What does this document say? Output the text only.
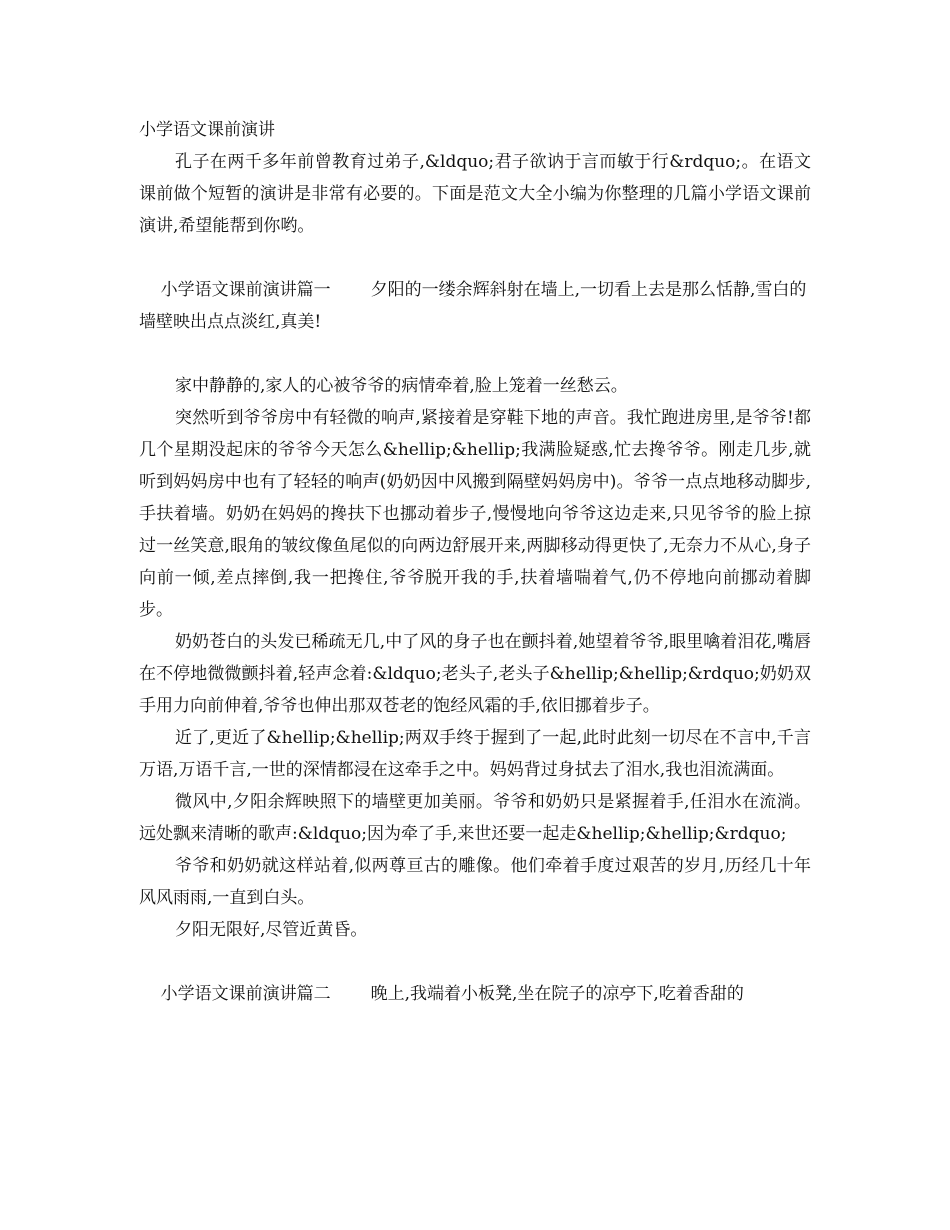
小学语文课前演讲

孔子在两千多年前曾教育过弟子,&ldquo;君子欲讷于言而敏于行&rdquo;。在语文课前做个短暂的演讲是非常有必要的。下面是范文大全小编为你整理的几篇小学语文课前演讲,希望能帮到你哟。

小学语文课前演讲篇一 夕阳的一缕余辉斜射在墙上,一切看上去是那么恬静,雪白的墙壁映出点点淡红,真美!

家中静静的,家人的心被爷爷的病情牵着,脸上笼着一丝愁云。

突然听到爷爷房中有轻微的响声,紧接着是穿鞋下地的声音。我忙跑进房里,是爷爷!都几个星期没起床的爷爷今天怎么&hellip;&hellip;我满脸疑惑,忙去搀爷爷。刚走几步,就听到妈妈房中也有了轻轻的响声(奶奶因中风搬到隔壁妈妈房中)。爷爷一点点地移动脚步,手扶着墙。奶奶在妈妈的搀扶下也挪动着步子,慢慢地向爷爷这边走来,只见爷爷的脸上掠过一丝笑意,眼角的皱纹像鱼尾似的向两边舒展开来,两脚移动得更快了,无奈力不从心,身子向前一倾,差点摔倒,我一把搀住,爷爷脱开我的手,扶着墙喘着气,仍不停地向前挪动着脚步。

奶奶苍白的头发已稀疏无几,中了风的身子也在颤抖着,她望着爷爷,眼里噙着泪花,嘴唇在不停地微微颤抖着,轻声念着:&ldquo;老头子,老头子&hellip;&hellip;&rdquo;奶奶双手用力向前伸着,爷爷也伸出那双苍老的饱经风霜的手,依旧挪着步子。

近了,更近了&hellip;&hellip;两双手终于握到了一起,此时此刻一切尽在不言中,千言万语,万语千言,一世的深情都浸在这牵手之中。妈妈背过身拭去了泪水,我也泪流满面。

微风中,夕阳余辉映照下的墙壁更加美丽。爷爷和奶奶只是紧握着手,任泪水在流淌。远处飘来清晰的歌声:&ldquo;因为牵了手,来世还要一起走&hellip;&hellip;&rdquo;

爷爷和奶奶就这样站着,似两尊亘古的雕像。他们牵着手度过艰苦的岁月,历经几十年风风雨雨,一直到白头。

夕阳无限好,尽管近黄昏。

小学语文课前演讲篇二 晚上,我端着小板凳,坐在院子的凉亭下,吃着香甜的
